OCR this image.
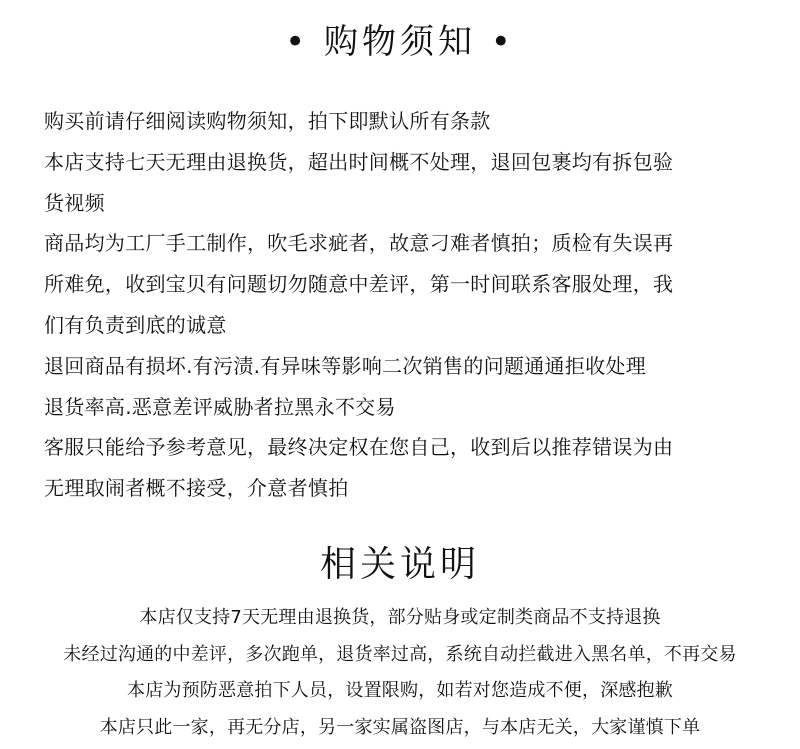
• 购物须知 •
购买前请仔细阅读购物须知，拍下即默认所有条款
本店支持七天无理由退换货，超出时间概不处理，退回包裹均有拆包验
货视频
商品均为工厂手工制作，吹毛求疵者，故意刁难者慎拍；质检有失误再
所难免，收到宝贝有问题切勿随意中差评，第一时间联系客服处理，我
们有负责到底的诚意
退回商品有损坏.有污渍.有异味等影响二次销售的问题通通拒收处理
退货率高.恶意差评威胁者拉黑永不交易
客服只能给予参考意见，最终决定权在您自己，收到后以推荐错误为由
无理取闹者概不接受，介意者慎拍
相关说明
本店仅支持7天无理由退换货，部分贴身或定制类商品不支持退换
未经过沟通的中差评，多次跑单，退货率过高，系统自动拦截进入黑名单，不再交易
本店为预防恶意拍下人员，设置限购，如若对您造成不便，深感抱歉
本店只此一家，再无分店，另一家实属盗图店，与本店无关，大家谨慎下单
